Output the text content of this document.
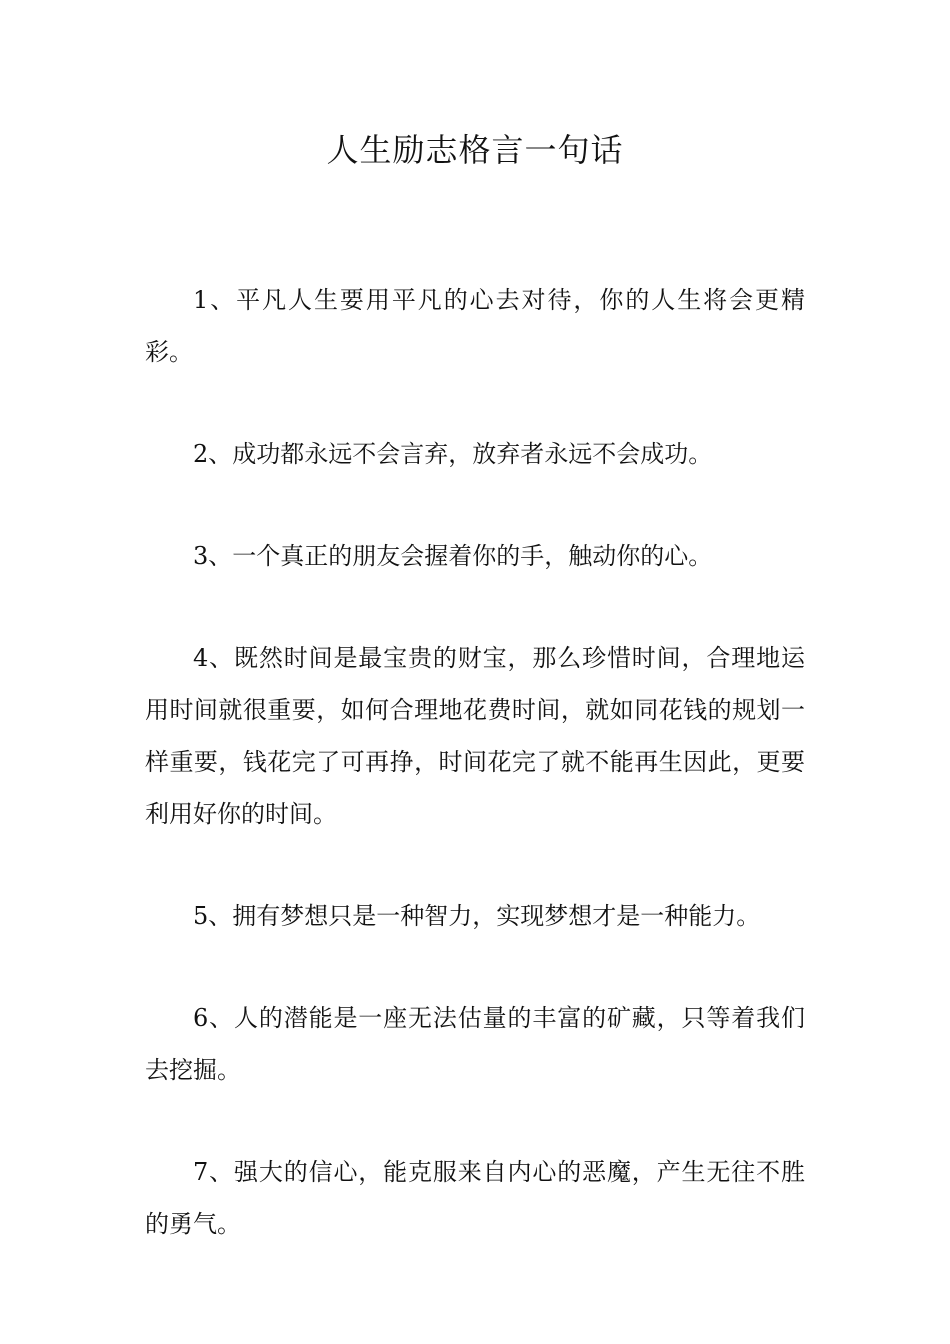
人生励志格言一句话

1、平凡人生要用平凡的心去对待，你的人生将会更精彩。

2、成功都永远不会言弃，放弃者永远不会成功。

3、一个真正的朋友会握着你的手，触动你的心。

4、既然时间是最宝贵的财宝，那么珍惜时间，合理地运用时间就很重要，如何合理地花费时间，就如同花钱的规划一样重要，钱花完了可再挣，时间花完了就不能再生因此，更要利用好你的时间。

5、拥有梦想只是一种智力，实现梦想才是一种能力。

6、人的潜能是一座无法估量的丰富的矿藏，只等着我们去挖掘。

7、强大的信心，能克服来自内心的恶魔，产生无往不胜的勇气。
